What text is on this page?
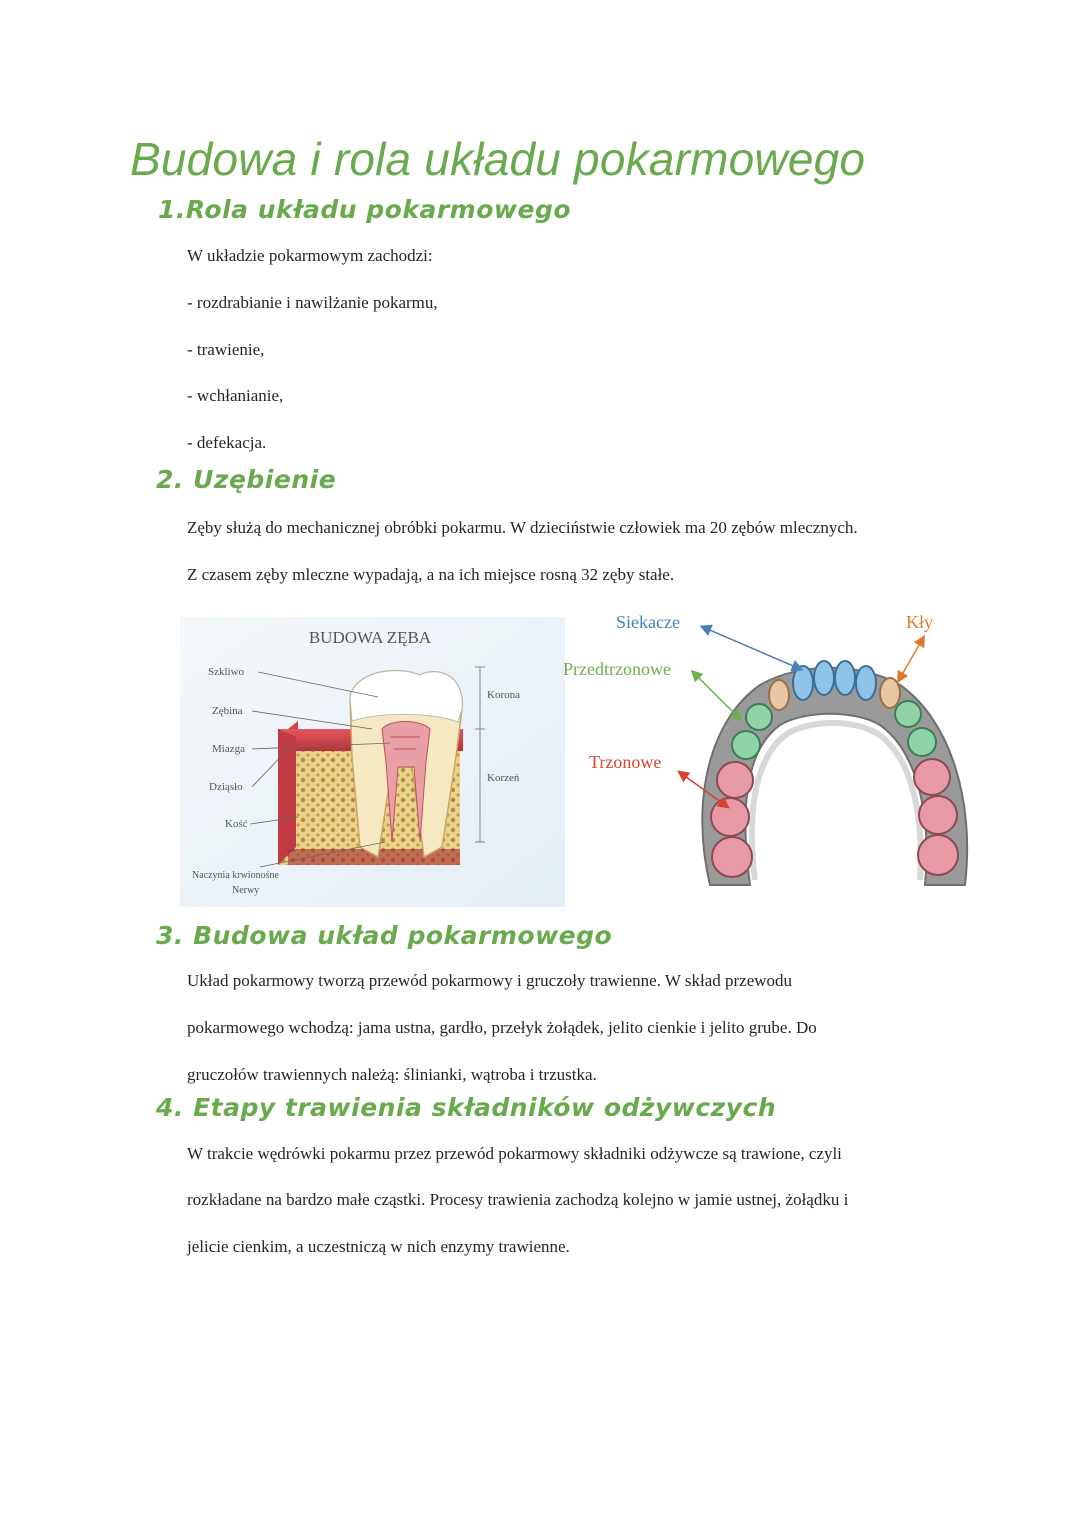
Budowa i rola układu pokarmowego
1.Rola układu pokarmowego
W układzie pokarmowym zachodzi:
- rozdrabianie i nawilżanie pokarmu,
- trawienie,
- wchłanianie,
- defekacja.
2. Uzębienie
Zęby służą do mechanicznej obróbki pokarmu. W dzieciństwie człowiek ma 20 zębów mlecznych.
Z czasem zęby mleczne wypadają, a na ich miejsce rosną 32 zęby stałe.
BUDOWA ZĘBA
Szkliwo
Zębina
Miazga
Dziąsło
Kość
Naczynia krwionośne
Nerwy
Korona
Korzeń
Siekacze	Kły
Przedtrzonowe
Trzonowe
3. Budowa układ pokarmowego
Układ pokarmowy tworzą przewód pokarmowy i gruczoły trawienne. W skład przewodu
pokarmowego wchodzą: jama ustna, gardło, przełyk żołądek, jelito cienkie i jelito grube. Do
gruczołów trawiennych należą: ślinianki, wątroba i trzustka.
4. Etapy trawienia składników odżywczych
W trakcie wędrówki pokarmu przez przewód pokarmowy składniki odżywcze są trawione, czyli
rozkładane na bardzo małe cząstki. Procesy trawienia zachodzą kolejno w jamie ustnej, żołądku i
jelicie cienkim, a uczestniczą w nich enzymy trawienne.
